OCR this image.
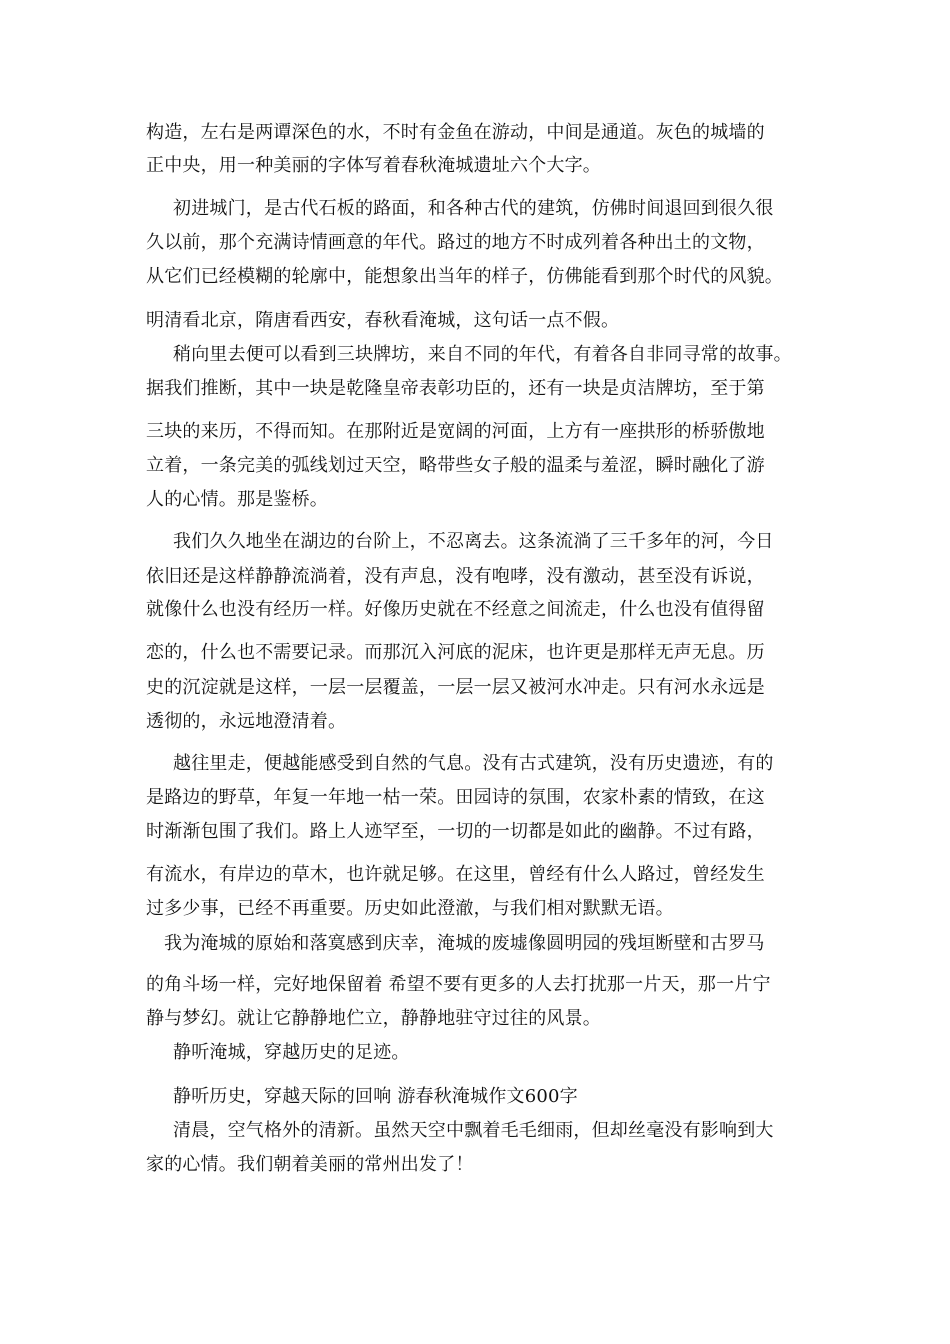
构造，左右是两谭深色的水，不时有金鱼在游动，中间是通道。灰色的城墙的
正中央，用一种美丽的字体写着春秋淹城遗址六个大字。
初进城门，是古代石板的路面，和各种古代的建筑，仿佛时间退回到很久很
久以前，那个充满诗情画意的年代。路过的地方不时成列着各种出土的文物，
从它们已经模糊的轮廓中，能想象出当年的样子，仿佛能看到那个时代的风貌。
明清看北京，隋唐看西安，春秋看淹城，这句话一点不假。
稍向里去便可以看到三块牌坊，来自不同的年代，有着各自非同寻常的故事。
据我们推断，其中一块是乾隆皇帝表彰功臣的，还有一块是贞洁牌坊，至于第
三块的来历，不得而知。在那附近是宽阔的河面，上方有一座拱形的桥骄傲地
立着，一条完美的弧线划过天空，略带些女子般的温柔与羞涩，瞬时融化了游
人的心情。那是鉴桥。
我们久久地坐在湖边的台阶上，不忍离去。这条流淌了三千多年的河，今日
依旧还是这样静静流淌着，没有声息，没有咆哮，没有激动，甚至没有诉说，
就像什么也没有经历一样。好像历史就在不经意之间流走，什么也没有值得留
恋的，什么也不需要记录。而那沉入河底的泥床，也许更是那样无声无息。历
史的沉淀就是这样，一层一层覆盖，一层一层又被河水冲走。只有河水永远是
透彻的，永远地澄清着。
越往里走，便越能感受到自然的气息。没有古式建筑，没有历史遗迹，有的
是路边的野草，年复一年地一枯一荣。田园诗的氛围，农家朴素的情致，在这
时渐渐包围了我们。路上人迹罕至，一切的一切都是如此的幽静。不过有路，
有流水，有岸边的草木，也许就足够。在这里，曾经有什么人路过，曾经发生
过多少事，已经不再重要。历史如此澄澈，与我们相对默默无语。
我为淹城的原始和落寞感到庆幸，淹城的废墟像圆明园的残垣断壁和古罗马
的角斗场一样，完好地保留着 希望不要有更多的人去打扰那一片天，那一片宁
静与梦幻。就让它静静地伫立，静静地驻守过往的风景。
静听淹城，穿越历史的足迹。
静听历史，穿越天际的回响 游春秋淹城作文600字
清晨，空气格外的清新。虽然天空中飘着毛毛细雨，但却丝毫没有影响到大
家的心情。我们朝着美丽的常州出发了！
